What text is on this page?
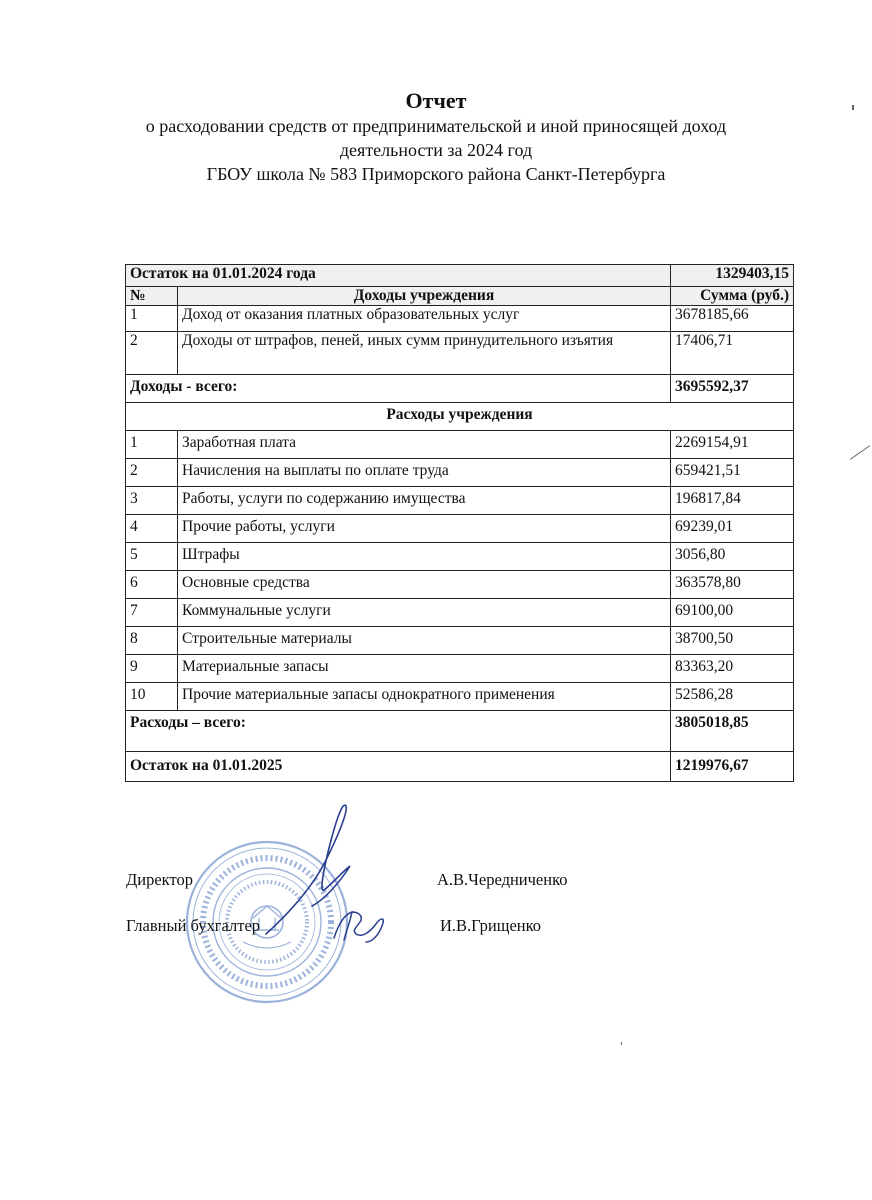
Отчет
о расходовании средств от предпринимательской и иной приносящей доход
деятельности за 2024 год
ГБОУ школа № 583 Приморского района Санкт-Петербурга
Остаток на 01.01.2024 года		1329403,15
№	Доходы учреждения	Сумма (руб.)
1	Доход от оказания платных образовательных услуг	3678185,66
2	Доходы от штрафов, пеней, иных сумм принудительного изъятия	17406,71
Доходы - всего:		3695592,37
Расходы учреждения		
1	Заработная плата	2269154,91
2	Начисления на выплаты по оплате труда	659421,51
3	Работы, услуги по содержанию имущества	196817,84
4	Прочие работы, услуги	69239,01
5	Штрафы	3056,80
6	Основные средства	363578,80
7	Коммунальные услуги	69100,00
8	Строительные материалы	38700,50
9	Материальные запасы	83363,20
10	Прочие материальные запасы однократного применения	52586,28
Расходы – всего:		3805018,85
Остаток на 01.01.2025		1219976,67
Директор	А.В.Чередниченко
Главный бухгалтер	И.В.Грищенко
